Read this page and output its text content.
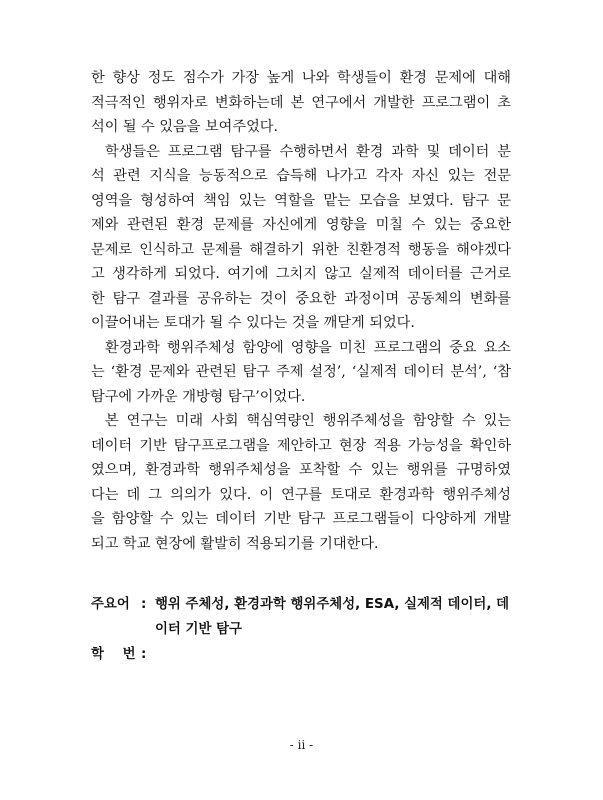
한 향상 정도 점수가 가장 높게 나와 학생들이 환경 문제에 대해
적극적인 행위자로 변화하는데 본 연구에서 개발한 프로그램이 초
석이 될 수 있음을 보여주었다.

학생들은 프로그램 탐구를 수행하면서 환경 과학 및 데이터 분
석 관련 지식을 능동적으로 습득해 나가고 각자 자신 있는 전문
영역을 형성하여 책임 있는 역할을 맡는 모습을 보였다. 탐구 문
제와 관련된 환경 문제를 자신에게 영향을 미칠 수 있는 중요한
문제로 인식하고 문제를 해결하기 위한 친환경적 행동을 해야겠다
고 생각하게 되었다. 여기에 그치지 않고 실제적 데이터를 근거로
한 탐구 결과를 공유하는 것이 중요한 과정이며 공동체의 변화를
이끌어내는 토대가 될 수 있다는 것을 깨닫게 되었다.

환경과학 행위주체성 함양에 영향을 미친 프로그램의 중요 요소
는 ‘환경 문제와 관련된 탐구 주제 설정’, ‘실제적 데이터 분석’, ‘참
탐구에 가까운 개방형 탐구’이었다.

본 연구는 미래 사회 핵심역량인 행위주체성을 함양할 수 있는
데이터 기반 탐구프로그램을 제안하고 현장 적용 가능성을 확인하
였으며, 환경과학 행위주체성을 포착할 수 있는 행위를 규명하였
다는 데 그 의의가 있다. 이 연구를 토대로 환경과학 행위주체성
을 함양할 수 있는 데이터 기반 탐구 프로그램들이 다양하게 개발
되고 학교 현장에 활발히 적용되기를 기대한다.

주요어 : 행위 주체성, 환경과학 행위주체성, ESA, 실제적 데이터, 데
이터 기반 탐구
학    번 :
- ii -
